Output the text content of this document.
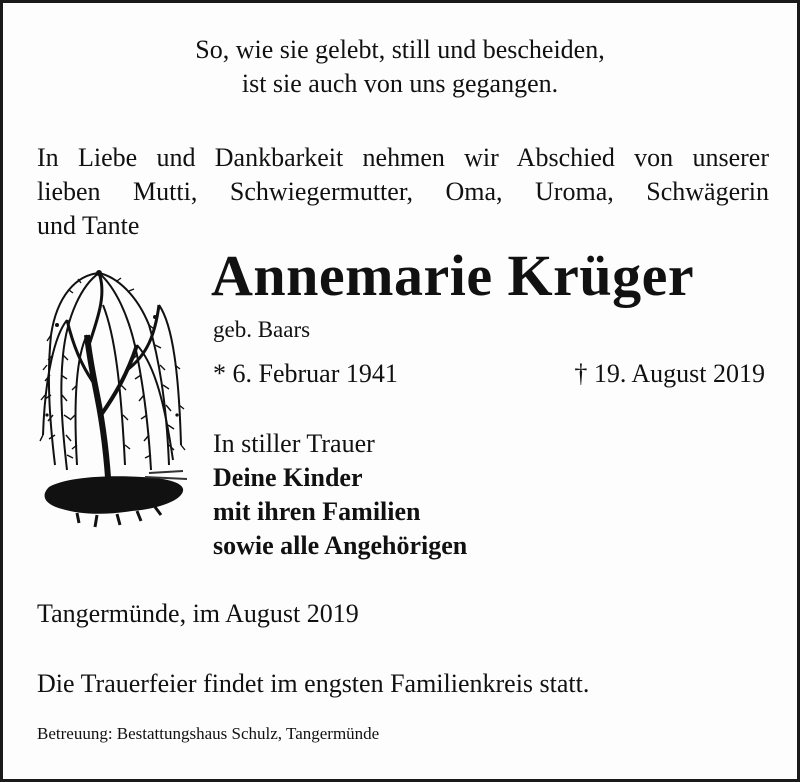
So, wie sie gelebt, still und bescheiden,
ist sie auch von uns gegangen.
In Liebe und Dankbarkeit nehmen wir Abschied von unserer
lieben Mutti, Schwiegermutter, Oma, Uroma, Schwägerin
und Tante
Annemarie Krüger
geb. Baars
* 6. Februar 1941	† 19. August 2019
In stiller Trauer
Deine Kinder
mit ihren Familien
sowie alle Angehörigen
Tangermünde, im August 2019
Die Trauerfeier findet im engsten Familienkreis statt.
Betreuung: Bestattungshaus Schulz, Tangermünde
